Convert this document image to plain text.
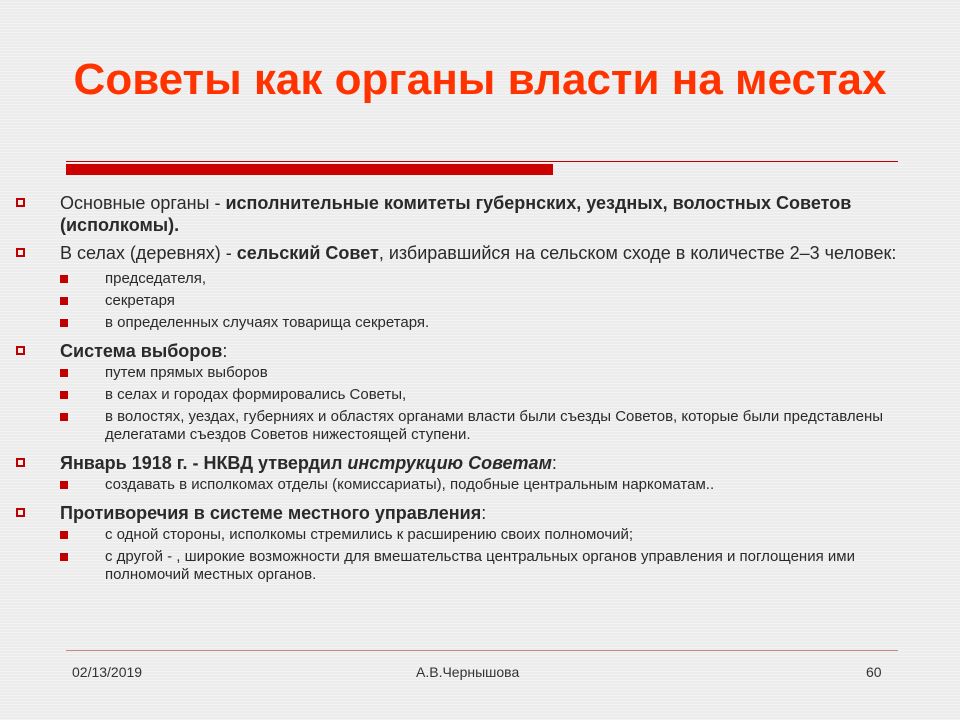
Советы как органы власти на местах
Основные органы - исполнительные комитеты губернских, уездных, волостных Советов (исполкомы).
В селах (деревнях) - сельский Совет, избиравшийся на сельском сходе в количестве 2–3 человек:
председателя,
секретаря
в определенных случаях товарища секретаря.
Система выборов:
путем прямых выборов
в селах и городах формировались Советы,
в волостях, уездах, губерниях и областях органами власти были съезды Советов, которые были представлены делегатами съездов Советов нижестоящей ступени.
Январь 1918 г. - НКВД утвердил инструкцию Советам:
создавать в исполкомах отделы (комиссариаты), подобные центральным наркоматам..
Противоречия в системе местного управления:
с одной стороны, исполкомы стремились к расширению своих полномочий;
с другой - , широкие возможности для вмешательства центральных органов управления и поглощения ими полномочий местных органов.
02/13/2019	А.В.Чернышова	60
